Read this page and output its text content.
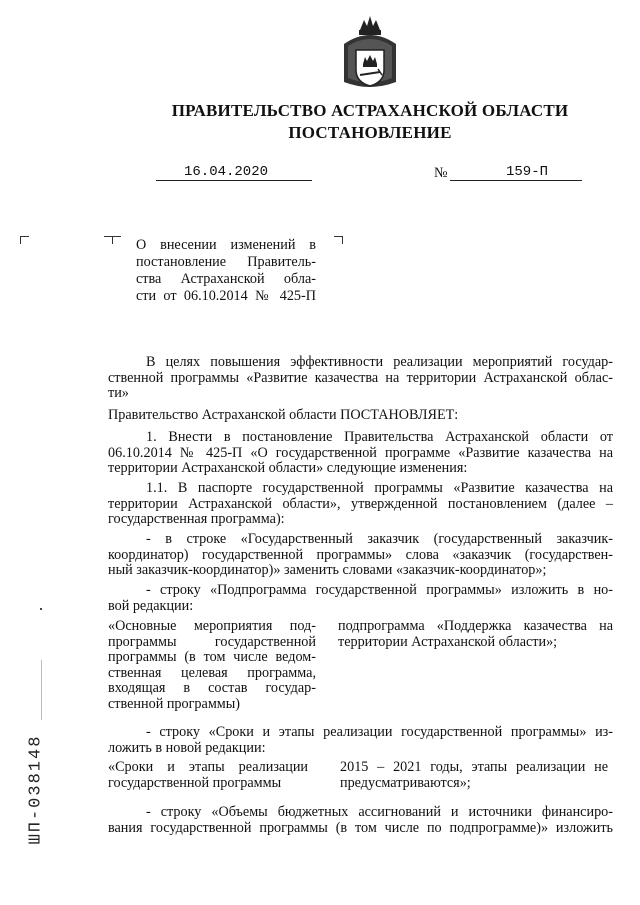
ПРАВИТЕЛЬСТВО АСТРАХАНСКОЙ ОБЛАСТИ
ПОСТАНОВЛЕНИЕ
16.04.2020	№	159-П
О внесении изменений в
постановление Правитель-
ства Астраханской обла-
сти от 06.10.2014 № 425-П
В целях повышения эффективности реализации мероприятий государ-
ственной программы «Развитие казачества на территории Астраханской облас-
ти»
Правительство Астраханской области ПОСТАНОВЛЯЕТ:
1. Внести в постановление Правительства Астраханской области от
06.10.2014 № 425-П «О государственной программе «Развитие казачества на
территории Астраханской области» следующие изменения:
1.1. В паспорте государственной программы «Развитие казачества на
территории Астраханской области», утвержденной постановлением (далее –
государственная программа):
- в строке «Государственный заказчик (государственный заказчик-
координатор) государственной программы» слова «заказчик (государствен-
ный заказчик-координатор)» заменить словами «заказчик-координатор»;
- строку «Подпрограмма государственной программы» изложить в но-
вой редакции:
«Основные мероприятия под-
программы государственной
программы (в том числе ведом-
ственная целевая программа,
входящая в состав государ-
ственной программы)
подпрограмма «Поддержка казачества на
территории Астраханской области»;
- строку «Сроки и этапы реализации государственной программы» из-
ложить в новой редакции:
«Сроки и этапы реализации
государственной программы
2015 – 2021 годы, этапы реализации не
предусматриваются»;
- строку «Объемы бюджетных ассигнований и источники финансиро-
вания государственной программы (в том числе по подпрограмме)» изложить
ШП-038148
